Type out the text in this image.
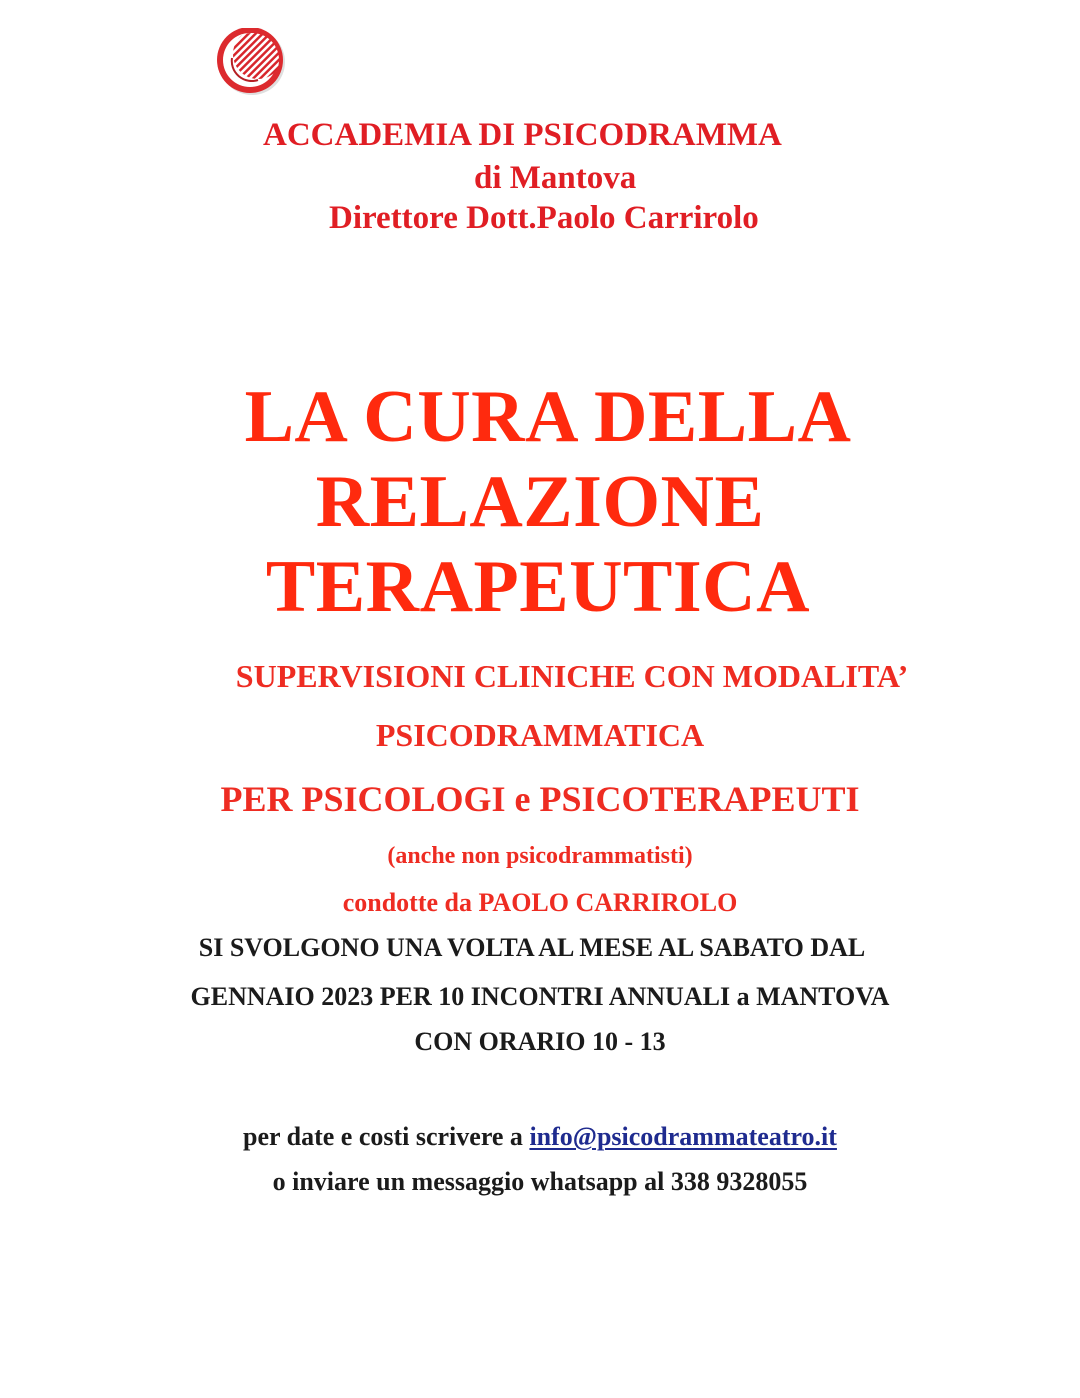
ACCADEMIA DI PSICODRAMMA
di Mantova
Direttore Dott.Paolo Carrirolo
LA CURA DELLA
RELAZIONE
TERAPEUTICA
SUPERVISIONI CLINICHE CON MODALITA’
PSICODRAMMATICA
PER PSICOLOGI e PSICOTERAPEUTI
(anche non psicodrammatisti)
condotte da PAOLO CARRIROLO
SI SVOLGONO UNA VOLTA AL MESE AL SABATO DAL
GENNAIO 2023 PER 10 INCONTRI ANNUALI a MANTOVA
CON ORARIO 10 - 13
per date e costi scrivere a info@psicodrammateatro.it
o inviare un messaggio whatsapp al 338 9328055
